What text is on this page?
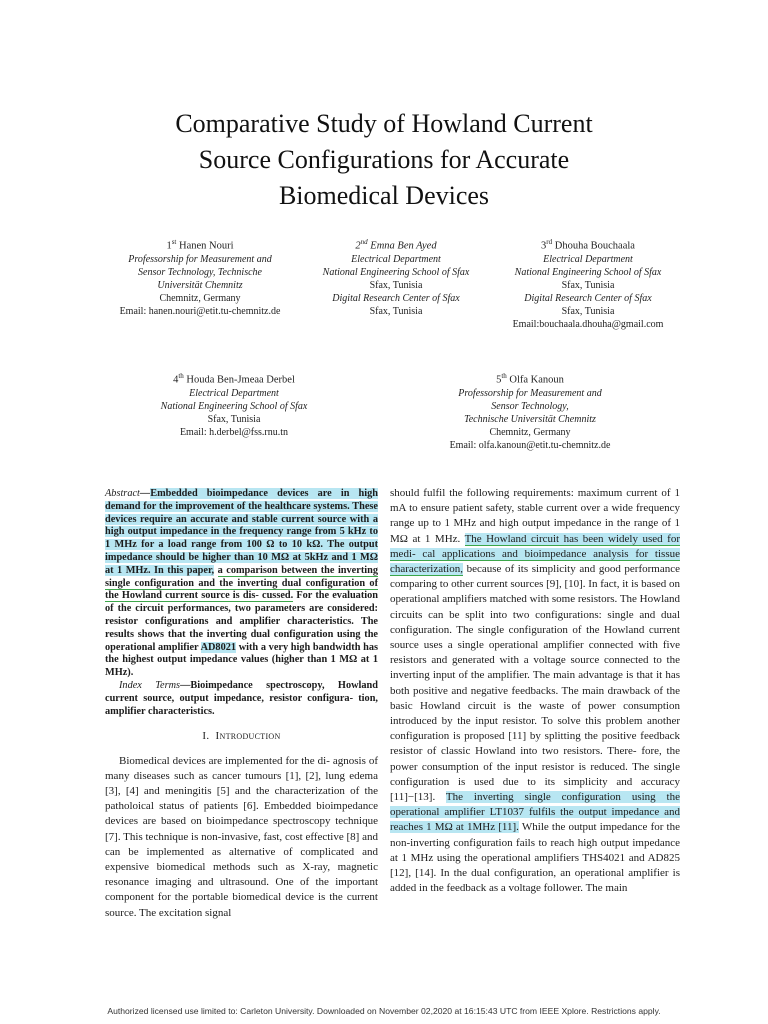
Comparative Study of Howland Current
Source Configurations for Accurate
Biomedical Devices
1st Hanen Nouri
Professorship for Measurement and
Sensor Technology, Technische
Universität Chemnitz
Chemnitz, Germany
Email: hanen.nouri@etit.tu-chemnitz.de
2nd Emna Ben Ayed
Electrical Department
National Engineering School of Sfax
Sfax, Tunisia
Digital Research Center of Sfax
Sfax, Tunisia
3rd Dhouha Bouchaala
Electrical Department
National Engineering School of Sfax
Sfax, Tunisia
Digital Research Center of Sfax
Sfax, Tunisia
Email:bouchaala.dhouha@gmail.com
4th Houda Ben-Jmeaa Derbel
Electrical Department
National Engineering School of Sfax
Sfax, Tunisia
Email: h.derbel@fss.rnu.tn
5th Olfa Kanoun
Professorship for Measurement and
Sensor Technology,
Technische Universität Chemnitz
Chemnitz, Germany
Email: olfa.kanoun@etit.tu-chemnitz.de

Abstract—Embedded bioimpedance devices are in high demand for the improvement of the healthcare systems. These devices require an accurate and stable current source with a high output impedance in the frequency range from 5 kHz to 1 MHz for a load range from 100 Ω to 10 kΩ. The output impedance should be higher than 10 MΩ at 5kHz and 1 MΩ at 1 MHz. In this paper, a comparison between the inverting single configuration and the inverting dual configuration of the Howland current source is dis- cussed. For the evaluation of the circuit performances, two parameters are considered: resistor configurations and amplifier characteristics. The results shows that the inverting dual configuration using the operational amplifier AD8021 with a very high bandwidth has the highest output impedance values (higher than 1 MΩ at 1 MHz).

Index Terms—Bioimpedance spectroscopy, Howland current source, output impedance, resistor configura- tion, amplifier characteristics.

I. Introduction

Biomedical devices are implemented for the di- agnosis of many diseases such as cancer tumours [1], [2], lung edema [3], [4] and meningitis [5] and the characterization of the patholoical status of patients [6]. Embedded bioimpedance devices are based on bioimpedance spectroscopy technique [7]. This technique is non-invasive, fast, cost effective [8] and can be implemented as alternative of complicated and expensive biomedical methods such as X-ray, magnetic resonance imaging and ultrasound. One of the important component for the portable biomedical device is the current source. The excitation signal

should fulfil the following requirements: maximum current of 1 mA to ensure patient safety, stable current over a wide frequency range up to 1 MHz and high output impedance in the range of 1 MΩ at 1 MHz. The Howland circuit has been widely used for medi- cal applications and bioimpedance analysis for tissue characterization, because of its simplicity and good performance comparing to other current sources [9], [10]. In fact, it is based on operational amplifiers matched with some resistors. The Howland circuits can be split into two configurations: single and dual configuration. The single configuration of the Howland current source uses a single operational amplifier connected with five resistors and generated with a voltage source connected to the inverting input of the amplifier. The main advantage is that it has both positive and negative feedbacks. The main drawback of the basic Howland circuit is the waste of power consumption introduced by the input resistor. To solve this problem another configuration is proposed [11] by splitting the positive feedback resistor of classic Howland into two resistors. There- fore, the power consumption of the input resistor is reduced. The single configuration is used due to its simplicity and accuracy [11]−[13]. The inverting single configuration using the operational amplifier LT1037 fulfils the output impedance and reaches 1 MΩ at 1MHz [11]. While the output impedance for the non-inverting configuration fails to reach high output impedance at 1 MHz using the operational amplifiers THS4021 and AD825 [12], [14]. In the dual configuration, an operational amplifier is added in the feedback as a voltage follower. The main

Authorized licensed use limited to: Carleton University. Downloaded on November 02,2020 at 16:15:43 UTC from IEEE Xplore. Restrictions apply.
